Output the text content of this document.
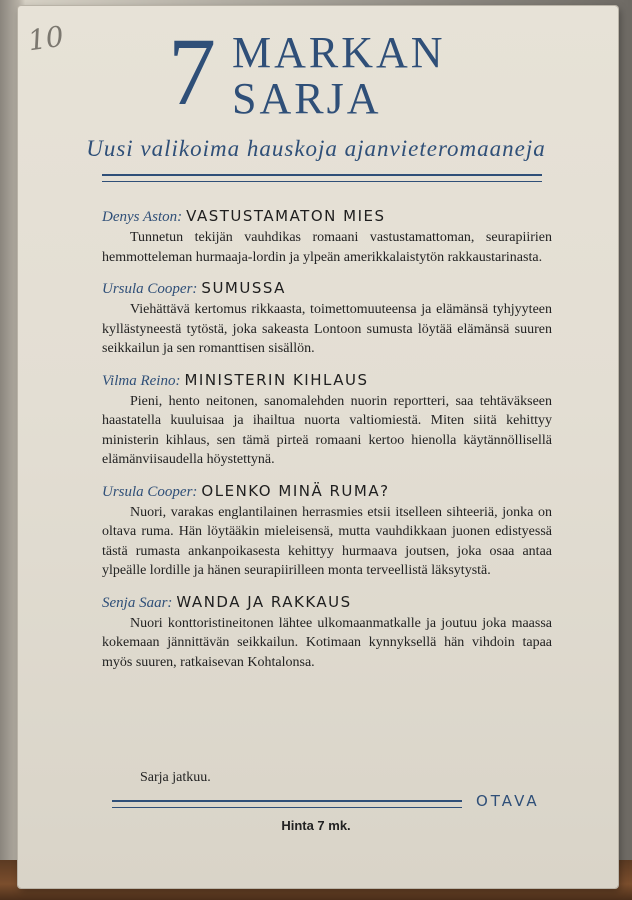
10 7 MARKAN
SARJA
Uusi valikoima hauskoja ajanvieteromaaneja
Denys Aston: VASTUSTAMATON MIES

Tunnetun tekijän vauhdikas romaani vastustamattoman, seurapiirien hemmotteleman hurmaaja-lordin ja ylpeän amerikkalaistytön rakkaustarinasta.

Ursula Cooper: SUMUSSA

Viehättävä kertomus rikkaasta, toimettomuuteensa ja elämänsä tyhjyyteen kyllästyneestä tytöstä, joka sakeasta Lontoon sumusta löytää elämänsä suuren seikkailun ja sen romanttisen sisällön.

Vilma Reino: MINISTERIN KIHLAUS

Pieni, hento neitonen, sanomalehden nuorin reportteri, saa tehtäväkseen haastatella kuuluisaa ja ihailtua nuorta valtiomiestä. Miten siitä kehittyy ministerin kihlaus, sen tämä pirteä romaani kertoo hienolla käytännöllisellä elämänviisaudella höystettynä.

Ursula Cooper: OLENKO MINÄ RUMA?

Nuori, varakas englantilainen herrasmies etsii itselleen sihteeriä, jonka on oltava ruma. Hän löytääkin mieleisensä, mutta vauhdikkaan juonen edistyessä tästä rumasta ankanpoikasesta kehittyy hurmaava joutsen, joka osaa antaa ylpeälle lordille ja hänen seurapiirilleen monta terveellistä läksytystä.

Senja Saar: WANDA JA RAKKAUS

Nuori konttoristineitonen lähtee ulkomaanmatkalle ja joutuu joka maassa kokemaan jännittävän seikkailun. Kotimaan kynnyksellä hän vihdoin tapaa myös suuren, ratkaisevan Kohtalonsa.

Sarja jatkuu.
OTAVA
Hinta 7 mk.
